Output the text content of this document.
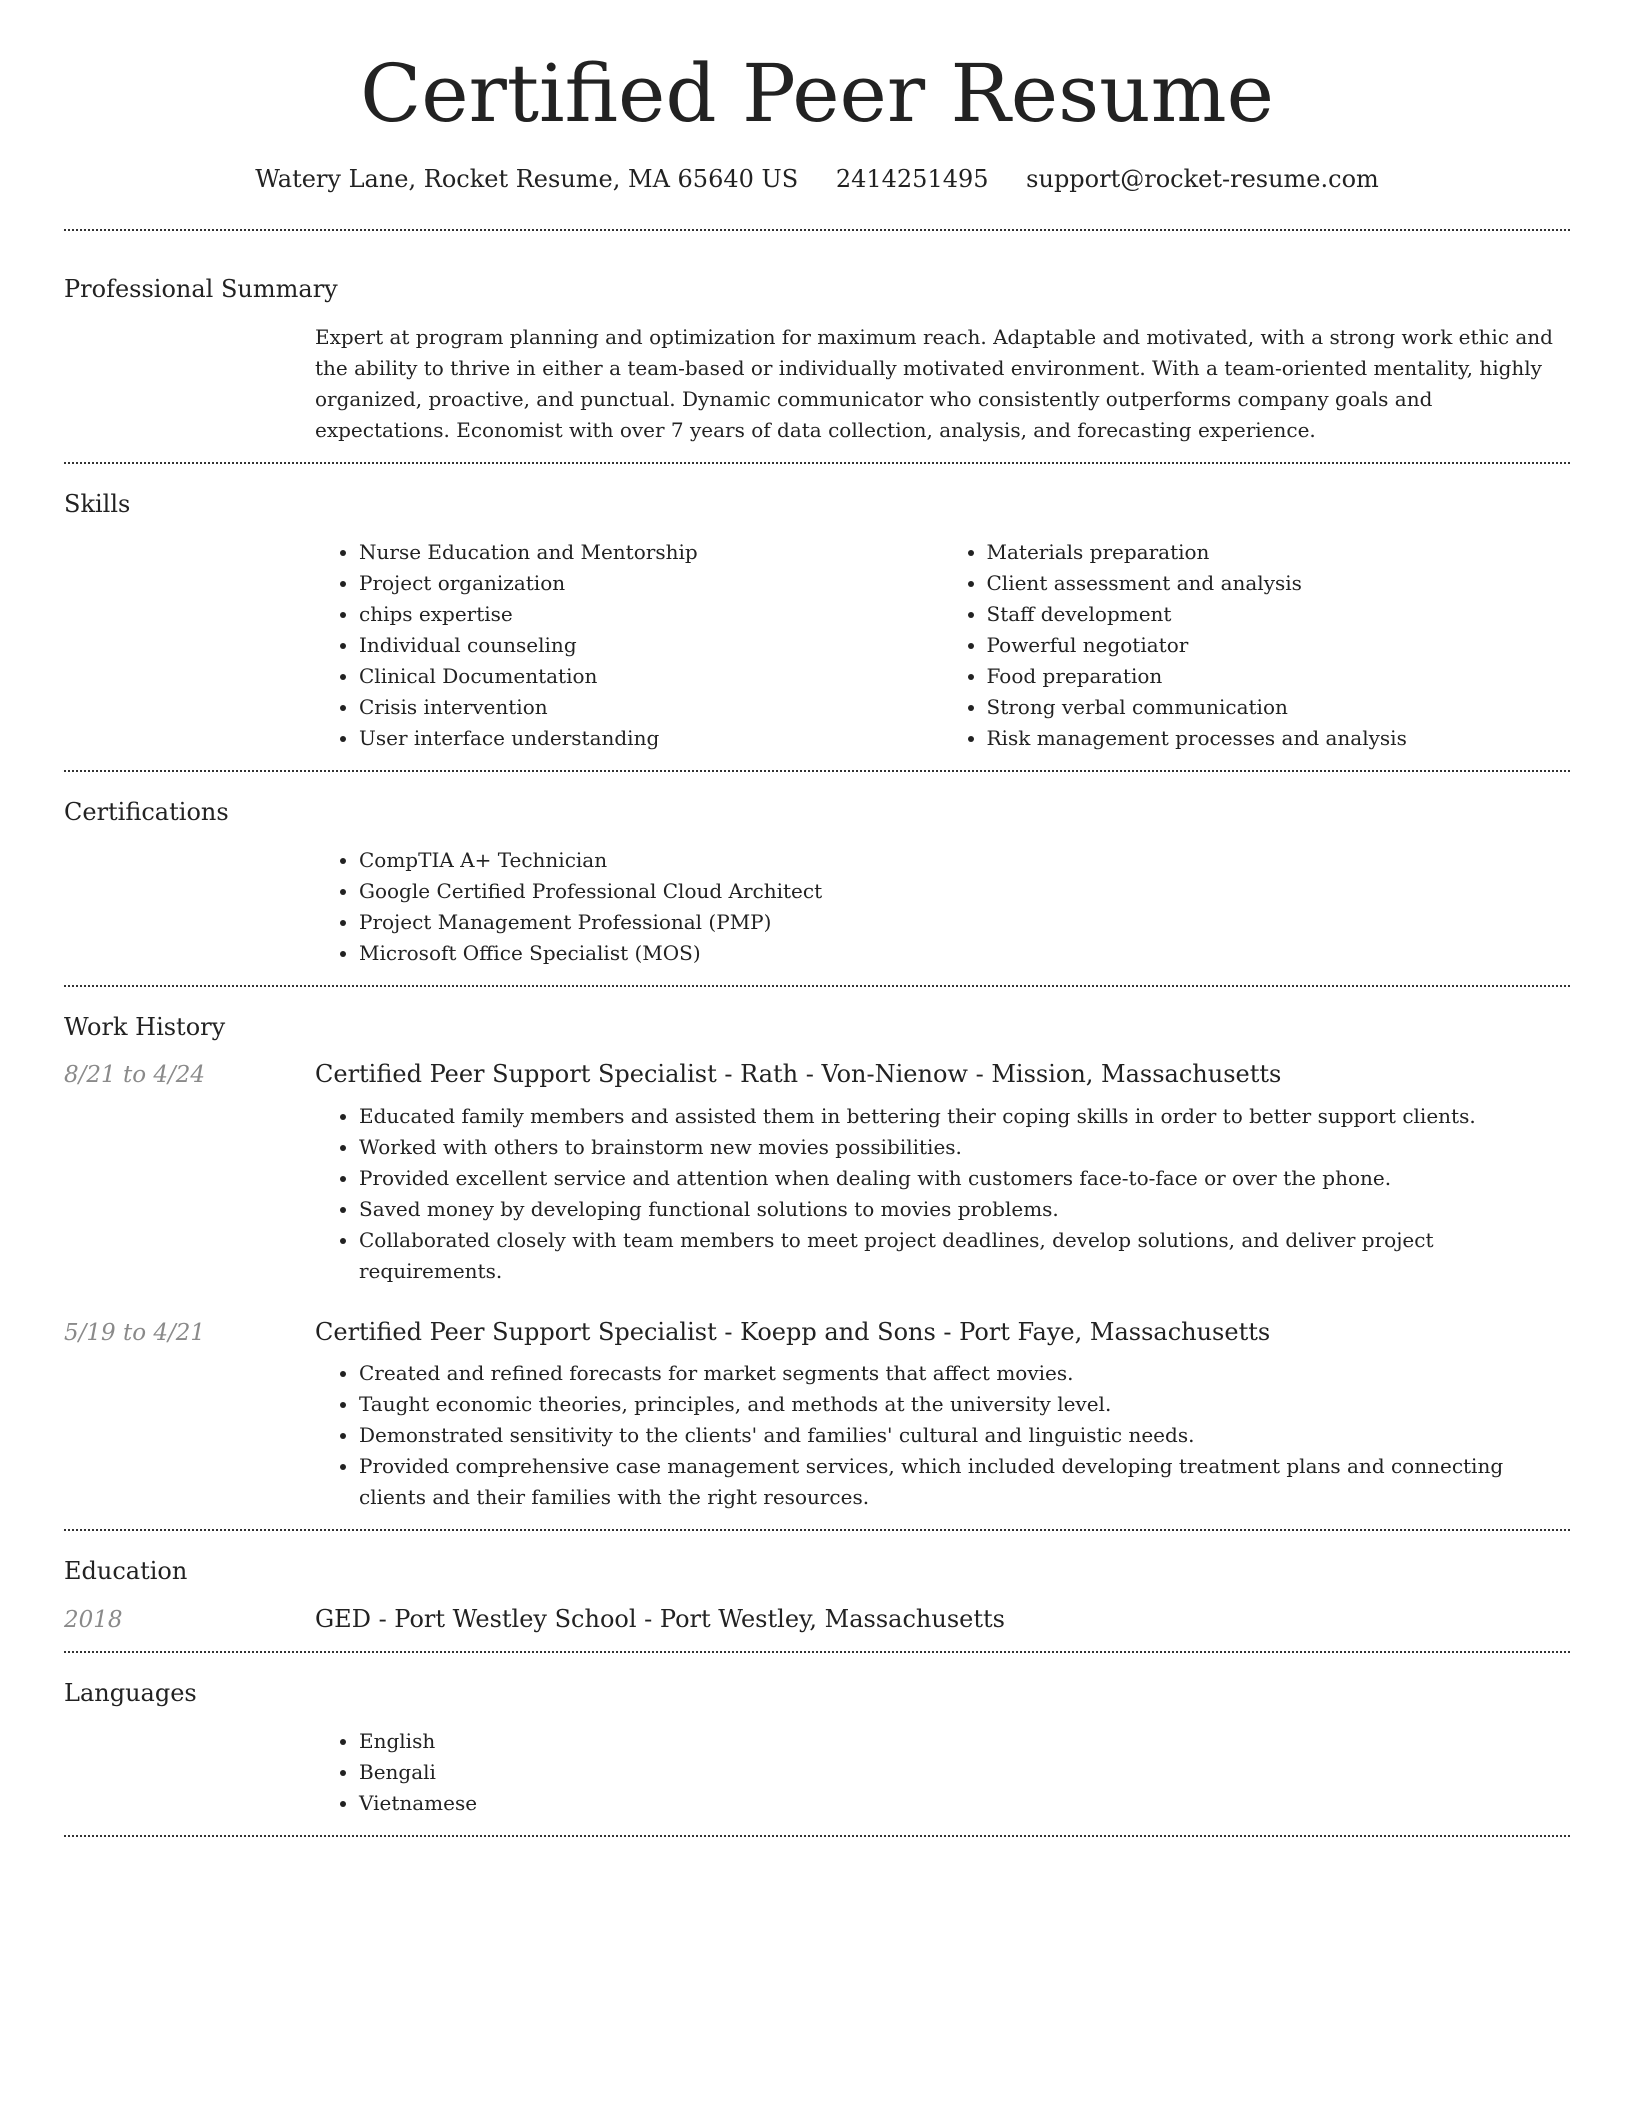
Certified Peer Resume
Watery Lane, Rocket Resume, MA 65640 US 2414251495 support@rocket-resume.com
Professional Summary

Expert at program planning and optimization for maximum reach. Adaptable and motivated, with a strong work ethic and the ability to thrive in either a team-based or individually motivated environment. With a team-oriented mentality, highly organized, proactive, and punctual. Dynamic communicator who consistently outperforms company goals and expectations. Economist with over 7 years of data collection, analysis, and forecasting experience.

Skills
• Nurse Education and Mentorship
• Project organization
• chips expertise
• Individual counseling
• Clinical Documentation
• Crisis intervention
• User interface understanding
• Materials preparation
• Client assessment and analysis
• Staff development
• Powerful negotiator
• Food preparation
• Strong verbal communication
• Risk management processes and analysis
Certifications
• CompTIA A+ Technician
• Google Certified Professional Cloud Architect
• Project Management Professional (PMP)
• Microsoft Office Specialist (MOS)
Work History
8/21 to 4/24	Certified Peer Support Specialist - Rath - Von-Nienow - Mission, Massachusetts
• Educated family members and assisted them in bettering their coping skills in order to better support clients.
• Worked with others to brainstorm new movies possibilities.
• Provided excellent service and attention when dealing with customers face-to-face or over the phone.
• Saved money by developing functional solutions to movies problems.
• Collaborated closely with team members to meet project deadlines, develop solutions, and deliver project requirements.
5/19 to 4/21	Certified Peer Support Specialist - Koepp and Sons - Port Faye, Massachusetts
• Created and refined forecasts for market segments that affect movies.
• Taught economic theories, principles, and methods at the university level.
• Demonstrated sensitivity to the clients' and families' cultural and linguistic needs.
• Provided comprehensive case management services, which included developing treatment plans and connecting clients and their families with the right resources.
Education
2018	GED - Port Westley School - Port Westley, Massachusetts
Languages
• English
• Bengali
• Vietnamese
